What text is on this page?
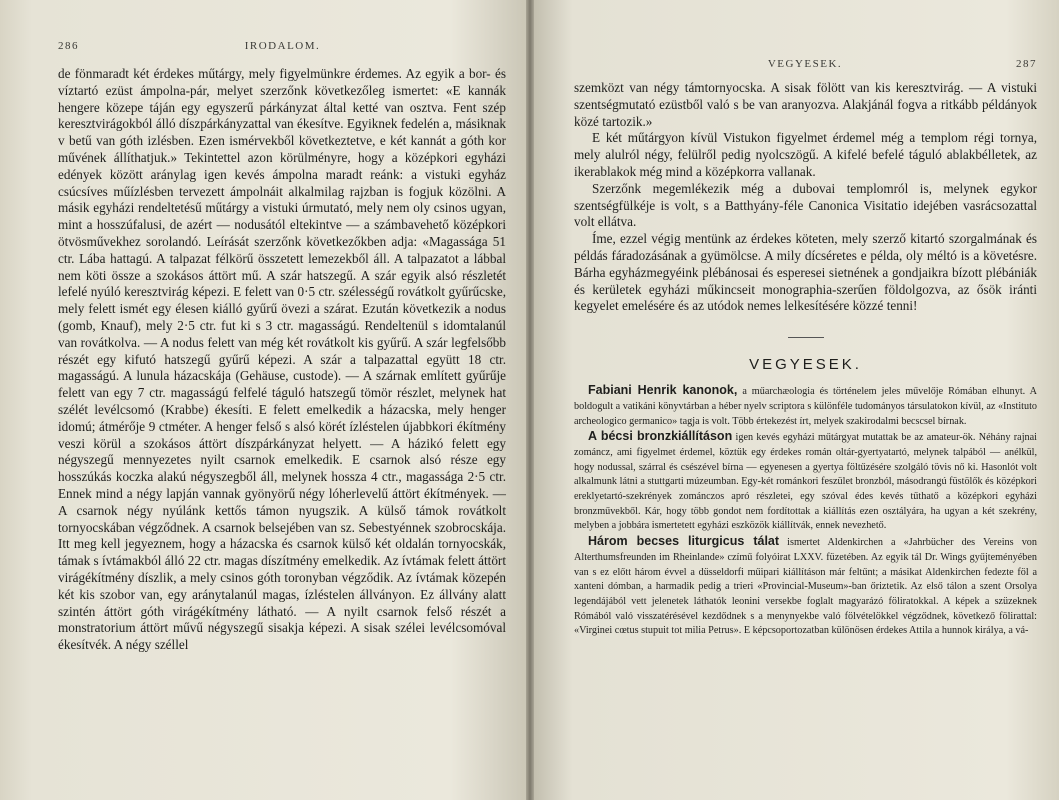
286	IRODALOM.

de fönmaradt két érdekes műtárgy, mely figyelmünkre érdemes. Az egyik a bor- és víztartó ezüst ámpolna-pár, melyet szerzőnk következőleg ismertet: «E kannák hengere közepe táján egy egyszerű párkányzat által ketté van osztva. Fent szép keresztvirágokból álló díszpárkányzattal van ékesítve. Egyiknek fedelén a, másiknak v betű van góth izlésben. Ezen ismérvekből következtetve, e két kannát a góth kor művének állíthatjuk.» Tekintettel azon körülményre, hogy a középkori egyházi edények között aránylag igen kevés ámpolna maradt reánk: a vistuki egyház csúcsíves műízlésben tervezett ámpolnáit alkalmilag rajzban is fogjuk közölni. A másik egyházi rendeltetésű műtárgy a vistuki úrmutató, mely nem oly csinos ugyan, mint a hosszúfalusi, de azért — nodusától eltekintve — a számbavehető középkori ötvösművekhez sorolandó. Leírását szerzőnk következőkben adja: «Magassága 51 ctr. Lába hattagú. A talpazat félkörű összetett lemezekből áll. A talpazatot a lábbal nem köti össze a szokásos áttört mű. A szár hatszegű. A szár egyik alsó részletét lefelé nyúló keresztvirág képezi. E felett van 0·5 ctr. szélességű rovátkolt gyűrűcske, mely felett ismét egy élesen kiálló gyűrű övezi a szárat. Ezután következik a nodus (gomb, Knauf), mely 2·5 ctr. fut ki s 3 ctr. magasságú. Rendeltenül s idomtalanúl van rovátkolva. — A nodus felett van még két rovátkolt kis gyűrű. A szár legfelsőbb részét egy kifutó hatszegű gyűrű képezi. A szár a talpazattal együtt 18 ctr. magasságú. A lunula házacskája (Gehäuse, custode). — A szárnak említett gyűrűje felett van egy 7 ctr. magasságú felfelé táguló hatszegű tömör részlet, melynek hat szélét levélcsomó (Krabbe) ékesíti. E felett emelkedik a házacska, mely henger idomú; átmérője 9 ctméter. A henger felső s alsó körét ízléstelen újabbkori ékítmény veszi körül a szokásos áttört díszpárkányzat helyett. — A házikó felett egy négyszegű mennyezetes nyilt csarnok emelkedik. E csarnok alsó része egy hosszúkás koczka alakú négyszegből áll, melynek hossza 4 ctr., magassága 2·5 ctr. Ennek mind a négy lapján vannak gyönyörű négy lóherlevelű áttört ékítmények. — A csarnok négy nyúlánk kettős támon nyugszik. A külső támok rovátkolt tornyocskában végződnek. A csarnok belsejében van sz. Sebestyénnek szobrocskája. Itt meg kell jegyeznem, hogy a házacska és csarnok külső két oldalán tornyocskák, támak s ívtámakból álló 22 ctr. magas díszítmény emelkedik. Az ívtámak felett áttört virágékítmény díszlik, a mely csinos góth toronyban végződik. Az ívtámak közepén két kis szobor van, egy aránytalanúl magas, ízléstelen állványon. Ez állvány alatt szintén áttört góth virágékítmény látható. — A nyilt csarnok felső részét a monstratorium áttört művű négyszegű sisakja képezi. A sisak szélei levélcsomóval ékesítvék. A négy széllel

VEGYESEK.	287

szemközt van négy támtornyocska. A sisak fölött van kis keresztvirág. — A vistuki szentségmutató ezüstből való s be van aranyozva. Alakjánál fogva a ritkább példányok közé tartozik.»

E két műtárgyon kívül Vistukon figyelmet érdemel még a templom régi tornya, mely alulról négy, felülről pedig nyolcszögű. A kifelé befelé táguló ablakbélletek, az ikerablakok még mind a középkorra vallanak.

Szerzőnk megemlékezik még a dubovai templomról is, melynek egykor szentségfülkéje is volt, s a Batthyány-féle Canonica Visitatio idejében vasrácsozattal volt ellátva.

Íme, ezzel végig mentünk az érdekes köteten, mely szerző kitartó szorgalmának és példás fáradozásának a gyümölcse. A mily dícséretes e példa, oly méltó is a követésre. Bárha egyházmegyéink plébánosai és esperesei sietnének a gondjaikra bízott plébániák és kerületek egyházi műkincseit monographia-szerűen földolgozva, az ősök iránti kegyelet emelésére és az utódok nemes lelkesítésére közzé tenni!

VEGYESEK.

Fabiani Henrik kanonok, a műarchæologia és történelem jeles művelője Rómában elhunyt. A boldogult a vatikáni könyvtárban a héber nyelv scriptora s különféle tudományos társulatokon kívül, az «Instituto archeologico germanico» tagja is volt. Több értekezést írt, melyek szakirodalmi becscsel bírnak.

A bécsi bronzkiállításon igen kevés egyházi műtárgyat mutattak be az amateur-ök. Néhány rajnai zománcz, ami figyelmet érdemel, köztük egy érdekes román oltár-gyertyatartó, melynek talpából — anélkül, hogy nodussal, szárral és csészével bírna — egyenesen a gyertya föltűzésére szolgáló tövis nő ki. Hasonlót volt alkalmunk látni a stuttgarti múzeumban. Egy-két románkori feszület bronzból, másodrangú füstölők és középkori ereklyetartó-szekrények zománczos apró részletei, egy szóval édes kevés tűthatő a középkori egyházi bronzművekből. Kár, hogy több gondot nem fordítottak a kiállítás ezen osztályára, ha ugyan a két szekrény, melyben a jobbára ismertetett egyházi eszközök kiállítvák, ennek nevezhető.

Három becses liturgicus tálat ismertet Aldenkirchen a «Jahrbücher des Vereins von Alterthumsfreunden im Rheinlande» czímű folyóirat LXXV. füzetében. Az egyik tál Dr. Wings gyűjteményében van s ez előtt három évvel a düsseldorfi műipari kiállításon már feltűnt; a másikat Aldenkirchen fedezte föl a xanteni dómban, a harmadik pedig a trieri «Provincial-Museum»-ban őriztetik. Az első tálon a szent Orsolya legendájából vett jelenetek láthatók leonini versekbe foglalt magyarázó föliratokkal. A képek a szüzeknek Rómából való visszatérésével kezdődnek s a menynyekbe való fölvételökkel végződnek, következő fölirattal: «Virginei cœtus stupuit tot milia Petrus». E képcsoportozatban különösen érdekes Attila a hunnok királya, a vá-
